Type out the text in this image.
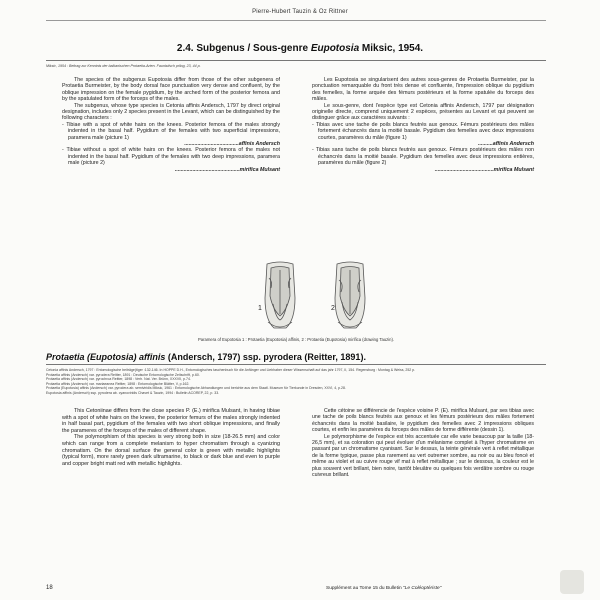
Pierre-Hubert Tauzin & Oz Rittner
2.4. Subgenus / Sous-genre Eupotosia Miksic, 1954.
Miksic, 1954 : Beitrag zur Kenntnis der balkanischen Protaetia-Arten. Faunistisch prilog, 23, 44 p.

The species of the subgenus Eupotosia differ from those of the other subgenera of Protaetia Burmeister, by the body dorsal face punctuation very dense and confluent, by the oblique impression on the female pygidium, by the arched form of the posterior femora and by the spatulated form of the forceps of the males.

The subgenus, whose type species is Cetonia affinis Andersch, 1797 by direct original designation, includes only 2 species present in the Levant, which can be distinguished by the following characters :

- Tibiae with a spot of white hairs on the knees. Posterior femora of the males strongly indented in the basal half. Pygidium of the females with two superficial impressions, paramera male (picture 1)

.....................................affinis Andersch

- Tibiae without a spot of white hairs on the knees. Posterior femora of the males not indented in the basal half. Pygidium of the females with two deep impressions, paramera male (picture 2)

............................................mirifica Mulsant

Les Eupotosia se singularisent des autres sous-genres de Protaetia Burmeister, par la ponctuation remarquable du front très dense et confluente, l'impression oblique du pygidium des femelles, la forme arquée des fémurs postérieurs et la forme spatulée du forceps des mâles.

Le sous-genre, dont l'espèce type est Cetonia affinis Andersch, 1797 par désignation originelle directe, comprend uniquement 2 espèces, présentes au Levant et qui peuvent se distinguer grâce aux caractères suivants :

- Tibias avec une tache de poils blancs feutrés aux genoux. Fémurs postérieurs des mâles fortement échancrés dans la moitié basale. Pygidium des femelles avec deux impressions courtes, paramères du mâle (figure 1)

..........affinis Andersch

- Tibias sans tache de poils blancs feutrés aux genoux. Fémurs postérieurs des mâles non échancrés dans la moitié basale. Pygidium des femelles avec deux impressions entières, paramères du mâle (figure 2)

........................................mirifica Mulsant

1	2
Paramera of Eupotosia 1 : Protaetia (Eupotosia) affinis, 2 : Protaetia (Eupotosia) mirifica (drawing Tauzin).
Protaetia (Eupotosia) affinis (Andersch, 1797) ssp. pyrodera (Reitter, 1891).
Cetonia affinis Andersch, 1797 : Entomologische beiträge(tiger :132-146. In HOPPE D.H., Entomologisches taschenbuch für die Anfänger und Liebhaber dieser Wissenschaft auf das jahr 1797, II, 154. Regensburg : Montag & Weiss, 252 p.
Protaetia affinis (Andersch) var. pyrodera Reitter, 1891 : Deutsche Entomologische Zeitschrift, p.60.
Protaetia affinis (Andersch) var. pyrochroa Reitter, 1898 : Verh. Nat. Ver. Brünn, XXXVII, p.74.
Protaetia affinis (Andersch) var. mariaeanea Reitter, 1898 : Entomologische Blätter, V, p.162.
Protaetia (Eupotosia) affinis (Andersch) var. pyrodera ab. semiviridis Miksic, 1961 : Entomologische Abhandlungen und berichte aus dem Staatl. Museum für Tierkunde in Dresden, XXVI, 4, p.28.
Eupotosia affinis (Andersch) ssp. pyrodera ab. cyanoviridis Chavet & Tauzin, 1994 : Bulletin ACOREP, 22, p. 33.

This Cetoniinae differs from the close species P. (E.) mirifica Mulsant, in having tibiae with a spot of white hairs on the knees, the posterior femurs of the males strongly indented in half basal part, pygidium of the females with two short oblique impressions, and finally the parameres of the forceps of the males of different shape.

The polymorphism of this species is very strong both in size (18-26.5 mm) and color which can range from a complete melanism to hyper chromatism through a cyanizing chromatism. On the dorsal surface the general color is green with metallic highlights (typical form), more rarely green dark ultramarine, to black or dark blue and even to purple and copper bright matt red with metallic highlights.

Cette cétoine se différencie de l'espèce voisine P. (E). mirifica Mulsant, par ses tibias avec une tache de poils blancs feutrés aux genoux et les fémurs postérieurs des mâles fortement échancrés dans la moitié basilaire, le pygidium des femelles avec 2 impressions obliques courtes, et enfin les paramères du forceps des mâles de forme différente (dessin 1).

Le polymorphisme de l'espèce est très accentuée car elle varie beaucoup par la taille (18-26,5 mm), et sa coloration qui peut évoluer d'un mélanisme complet à l'hyper chromatisme en passant par un chromatisme cyanisant. Sur le dessus, la teinte générale vert à reflet métallique de la forme typique, passe plus rarement au vert outremer sombre, au noir ou au bleu foncé et même au violet et au cuivre rouge vif mat à reflet métallique ; sur le dessous, la couleur est le plus souvent vert brillant, bien noire, tantôt bleuâtre ou quelques fois verdâtre sombre ou rouge cuivreux brillant.

18	Supplément au Tome 15 du Bulletin "Le Coléoptériste"
